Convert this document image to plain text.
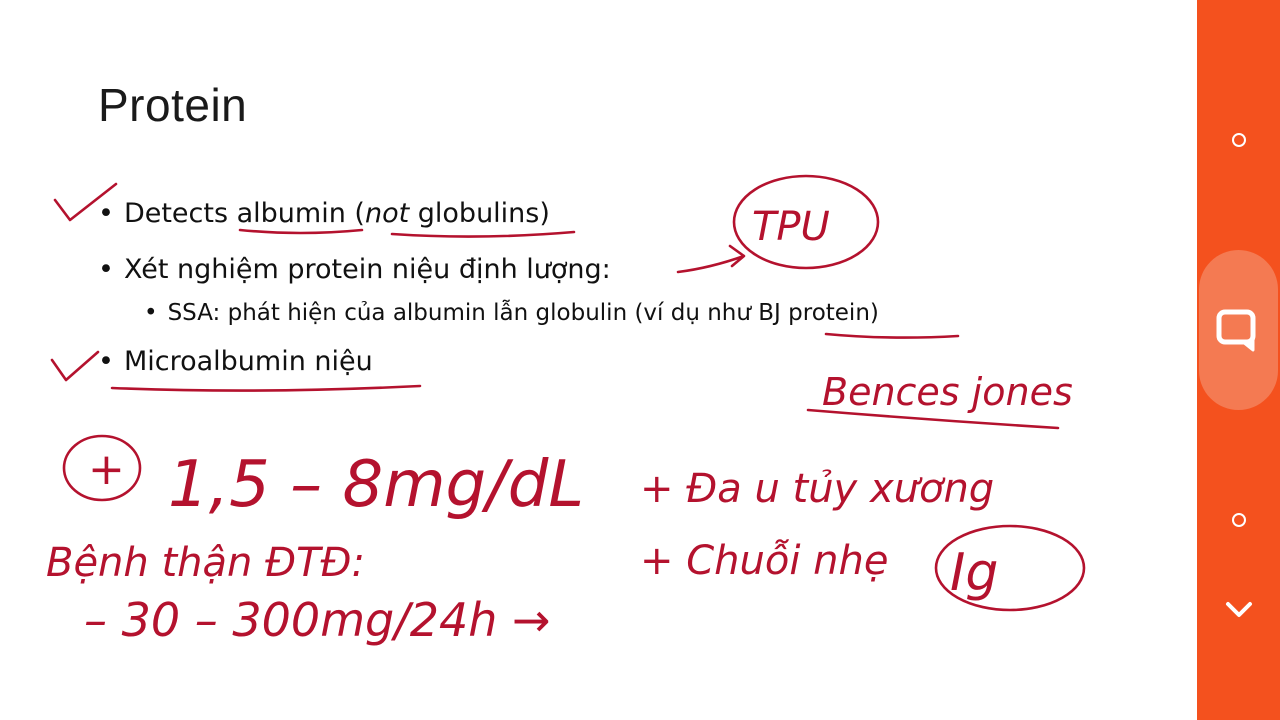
Protein
• Detects albumin (not globulins)
• Xét nghiệm protein niệu định lượng:
• SSA: phát hiện của albumin lẫn globulin (ví dụ như BJ protein)
• Microalbumin niệu
TPU
Bences jones
+ 1,5 – 8mg/dL + Đa u tủy xương
+ Chuỗi nhẹ Ig
Bệnh thận ĐTĐ:
– 30 – 300mg/24h →
